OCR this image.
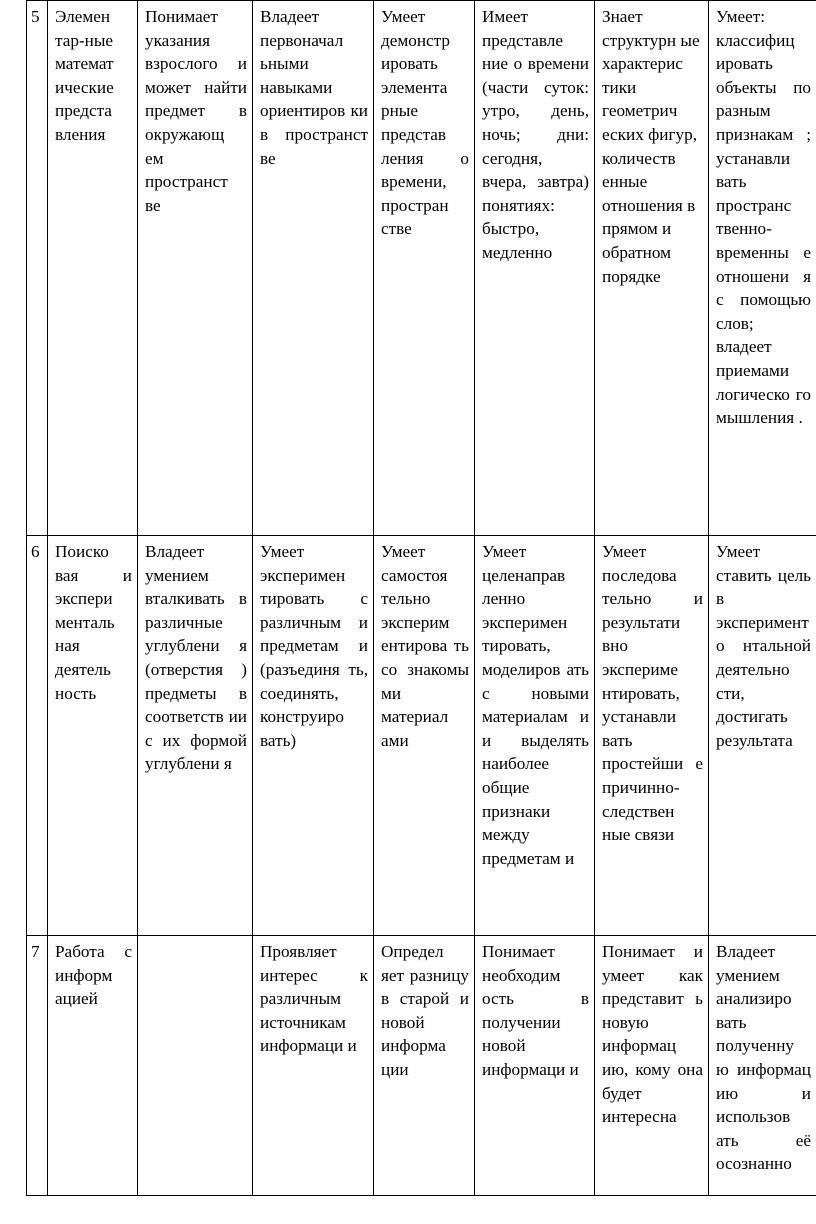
5	Элемен тар-ные математ ические предста вления	Понимает указания взрослого и может найти предмет в окружающ ем пространст ве	Владеет первоначал ьными навыками ориентиров ки в пространст ве	Умеет демонстр ировать элемента рные представ ления о времени, простран стве	Имеет представле ние о времени (части суток: утро, день, ночь; дни: сегодня, вчера, завтра) понятиях: быстро, медленно	Знает структурн ые характерис тики геометрич еских фигур, количеств енные отношения в прямом и обратном порядке	Умеет: классифиц ировать объекты по разным признакам ; устанавли вать пространс твенно-временны е отношени я с помощью слов; владеет приемами логическо го мышления .

6	Поиско вая и экспери менталь ная деятель ность	Владеет умением вталкивать в различные углублени я (отверстия ) предметы в соответств ии с их формой углублени я	Умеет эксперимен тировать с различным и предметам и (разъединя ть, соединять, конструиро вать)	Умеет самостоя тельно эксперим ентирова ть со знакомы ми материал ами	Умеет целенаправ ленно эксперимен тировать, моделиров ать с новыми материалам и и выделять наиболее общие признаки между предметам и	Умеет последова тельно и результати вно экспериме нтировать, устанавли вать простейши е причинно-следствен ные связи	Умеет ставить цель в эксперименто нтальной деятельно сти, достигать результата

7	Работа с информ ацией		Проявляет интерес к различным источникам информаци и	Определ яет разницу в старой и новой информа ции	Понимает необходим ость в получении новой информаци и	Понимает и умеет как представит ь новую информац ию, кому она будет интересна	Владеет умением анализиро вать полученну ю информац ию и использов ать её осознанно
